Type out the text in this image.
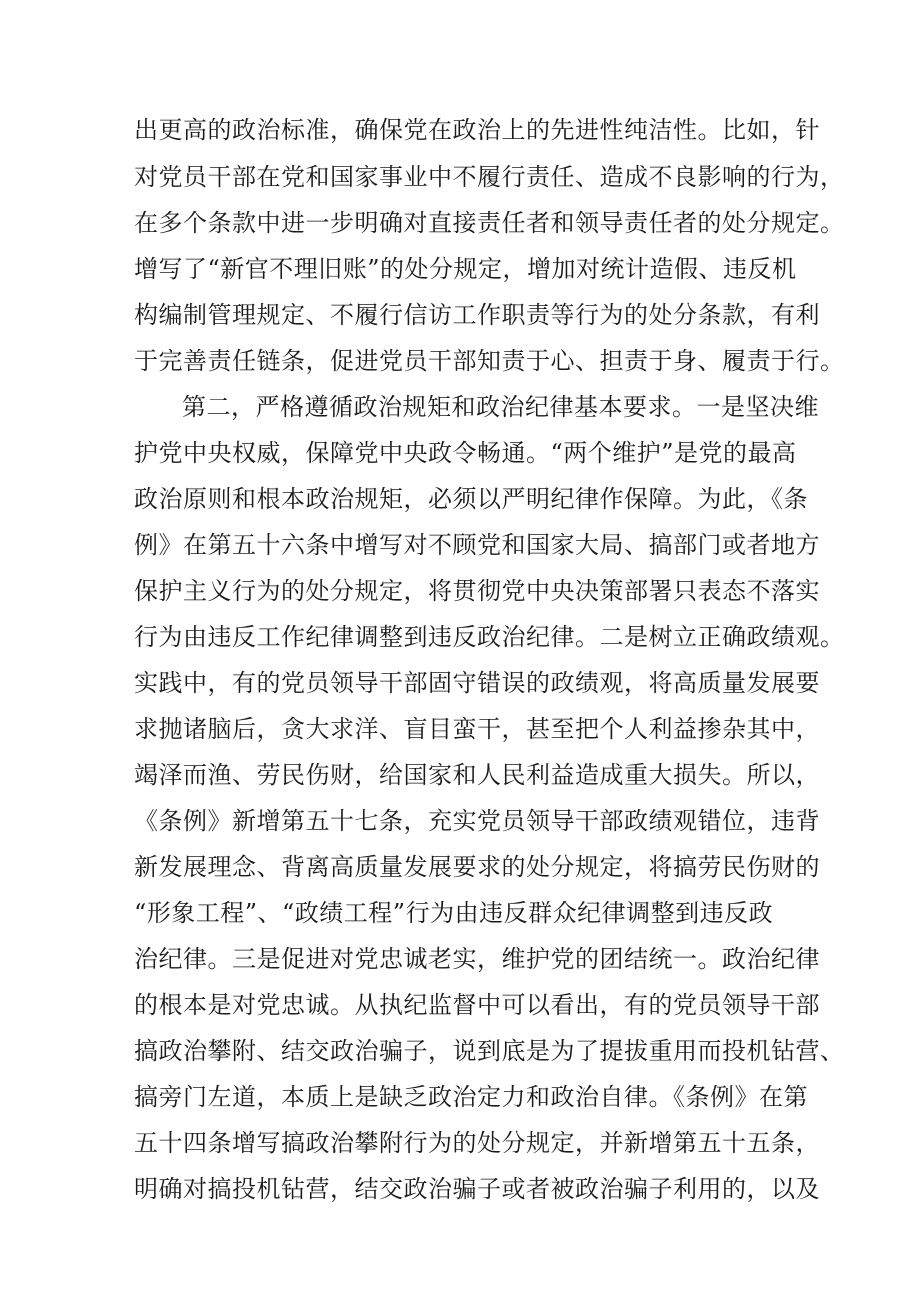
出更高的政治标准，确保党在政治上的先进性纯洁性。比如，针
对党员干部在党和国家事业中不履行责任、造成不良影响的行为，
在多个条款中进一步明确对直接责任者和领导责任者的处分规定。
增写了“新官不理旧账”的处分规定，增加对统计造假、违反机
构编制管理规定、不履行信访工作职责等行为的处分条款，有利
于完善责任链条，促进党员干部知责于心、担责于身、履责于行。
第二，严格遵循政治规矩和政治纪律基本要求。一是坚决维
护党中央权威，保障党中央政令畅通。“两个维护”是党的最高
政治原则和根本政治规矩，必须以严明纪律作保障。为此，《条
例》在第五十六条中增写对不顾党和国家大局、搞部门或者地方
保护主义行为的处分规定，将贯彻党中央决策部署只表态不落实
行为由违反工作纪律调整到违反政治纪律。二是树立正确政绩观。
实践中，有的党员领导干部固守错误的政绩观，将高质量发展要
求抛诸脑后，贪大求洋、盲目蛮干，甚至把个人利益掺杂其中，
竭泽而渔、劳民伤财，给国家和人民利益造成重大损失。所以，
《条例》新增第五十七条，充实党员领导干部政绩观错位，违背
新发展理念、背离高质量发展要求的处分规定，将搞劳民伤财的
“形象工程”、“政绩工程”行为由违反群众纪律调整到违反政
治纪律。三是促进对党忠诚老实，维护党的团结统一。政治纪律
的根本是对党忠诚。从执纪监督中可以看出，有的党员领导干部
搞政治攀附、结交政治骗子，说到底是为了提拔重用而投机钻营、
搞旁门左道，本质上是缺乏政治定力和政治自律。《条例》在第
五十四条增写搞政治攀附行为的处分规定，并新增第五十五条，
明确对搞投机钻营，结交政治骗子或者被政治骗子利用的，以及
